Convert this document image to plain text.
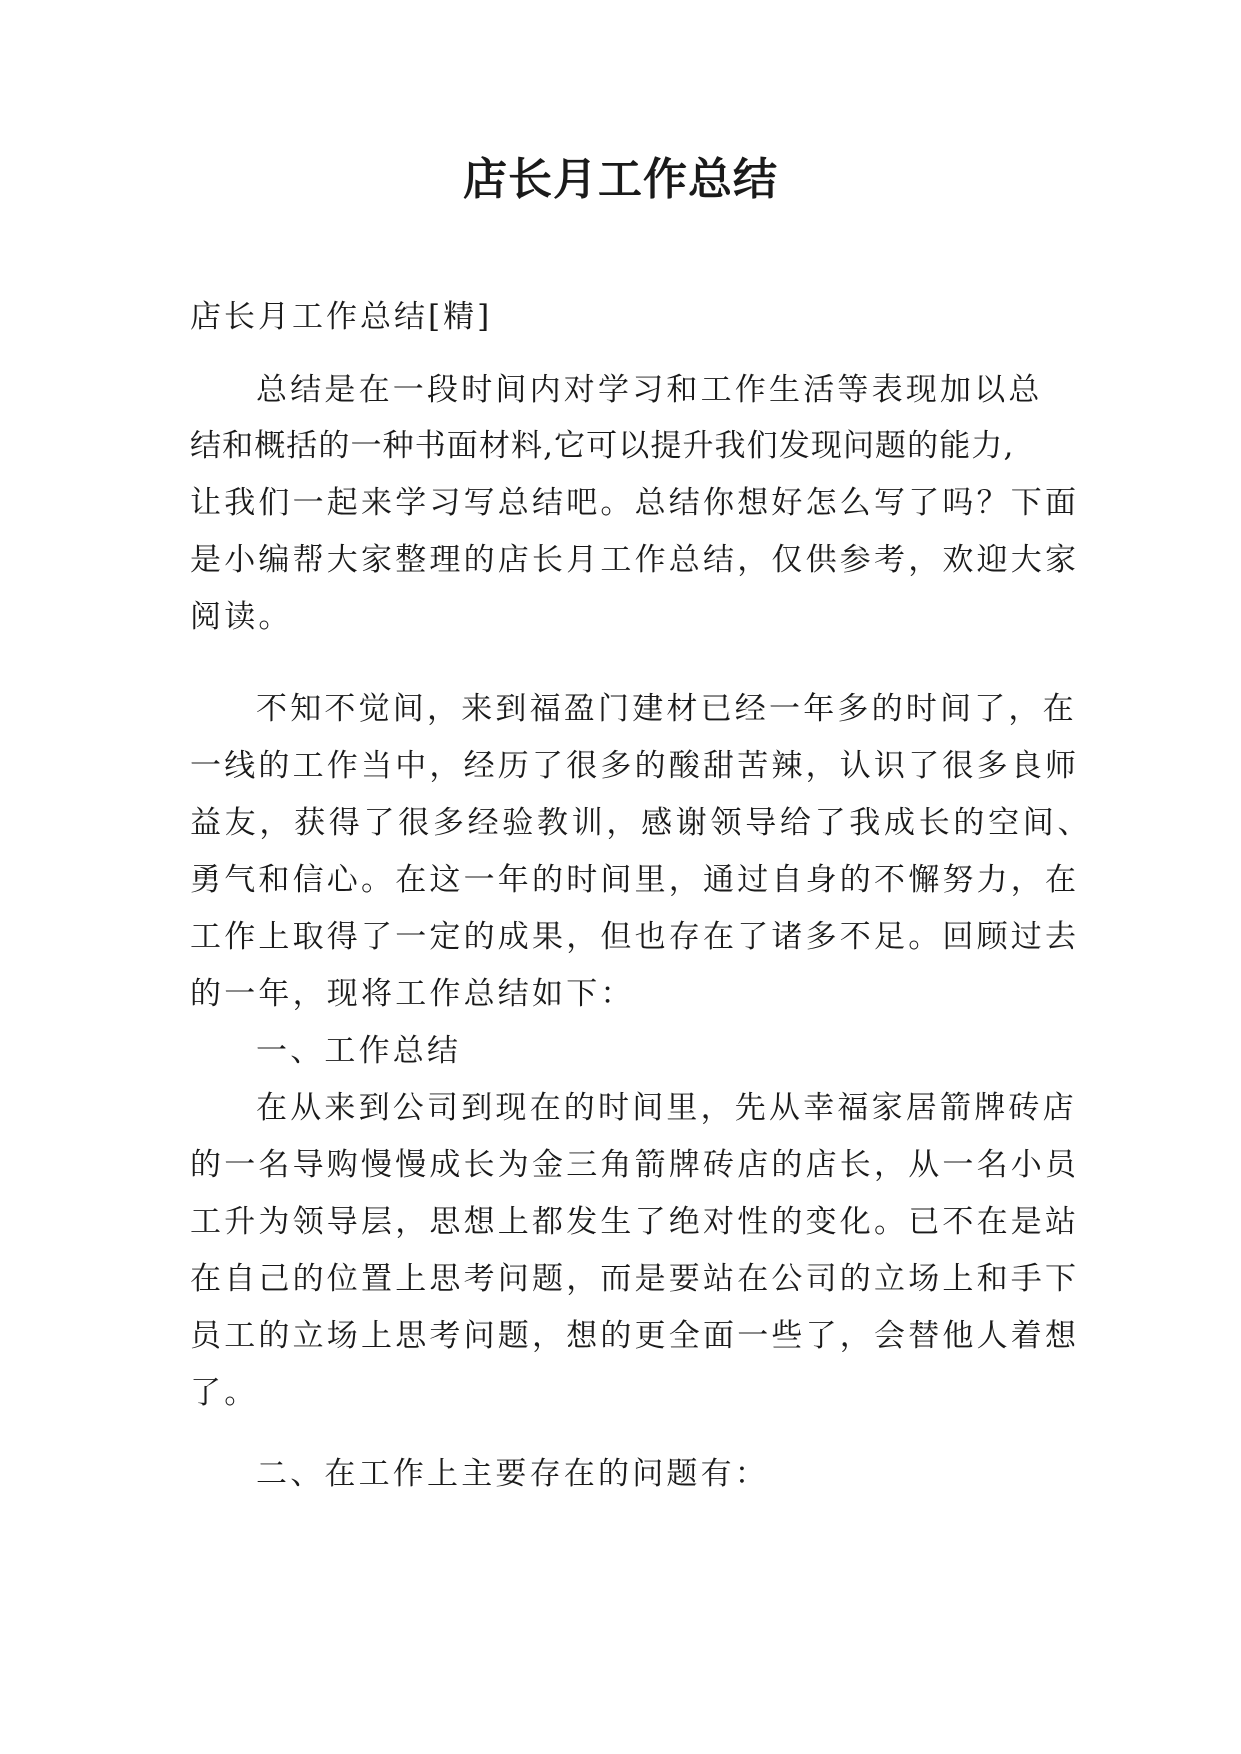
店长月工作总结
店长月工作总结[精]
总结是在一段时间内对学习和工作生活等表现加以总
结和概括的一种书面材料,它可以提升我们发现问题的能力,
让我们一起来学习写总结吧。总结你想好怎么写了吗？下面
是小编帮大家整理的店长月工作总结，仅供参考，欢迎大家
阅读。
不知不觉间，来到福盈门建材已经一年多的时间了，在
一线的工作当中，经历了很多的酸甜苦辣，认识了很多良师
益友，获得了很多经验教训，感谢领导给了我成长的空间、
勇气和信心。在这一年的时间里，通过自身的不懈努力，在
工作上取得了一定的成果，但也存在了诸多不足。回顾过去
的一年，现将工作总结如下：
一、工作总结
在从来到公司到现在的时间里，先从幸福家居箭牌砖店
的一名导购慢慢成长为金三角箭牌砖店的店长，从一名小员
工升为领导层，思想上都发生了绝对性的变化。已不在是站
在自己的位置上思考问题，而是要站在公司的立场上和手下
员工的立场上思考问题，想的更全面一些了，会替他人着想
了。
二、在工作上主要存在的问题有：
